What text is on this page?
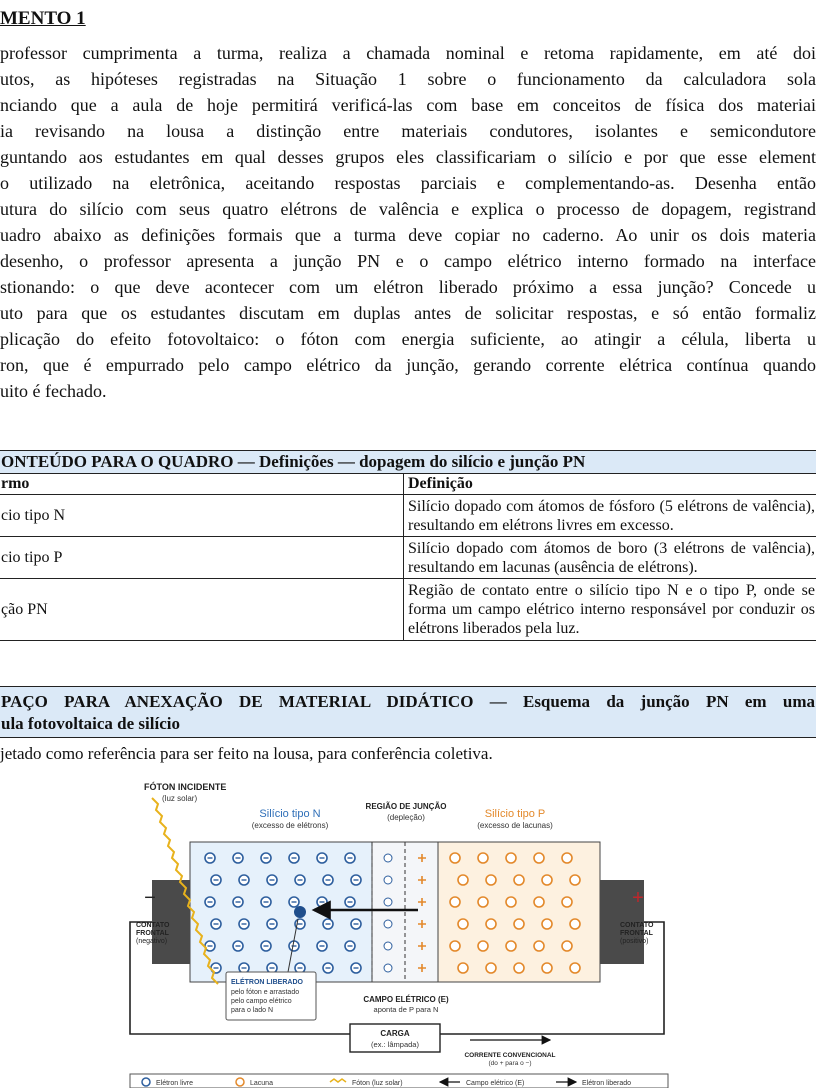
MENTO 1
professor cumprimenta a turma, realiza a chamada nominal e retoma rapidamente, em até doi
utos, as hipóteses registradas na Situação 1 sobre o funcionamento da calculadora sola
nciando que a aula de hoje permitirá verificá-las com base em conceitos de física dos materiai
ia revisando na lousa a distinção entre materiais condutores, isolantes e semicondutore
guntando aos estudantes em qual desses grupos eles classificariam o silício e por que esse element
o utilizado na eletrônica, aceitando respostas parciais e complementando-as. Desenha então
utura do silício com seus quatro elétrons de valência e explica o processo de dopagem, registrand
uadro abaixo as definições formais que a turma deve copiar no caderno. Ao unir os dois materia
desenho, o professor apresenta a junção PN e o campo elétrico interno formado na interface
stionando: o que deve acontecer com um elétron liberado próximo a essa junção? Concede u
uto para que os estudantes discutam em duplas antes de solicitar respostas, e só então formaliz
plicação do efeito fotovoltaico: o fóton com energia suficiente, ao atingir a célula, liberta u
ron, que é empurrado pelo campo elétrico da junção, gerando corrente elétrica contínua quando
uito é fechado.
ONTEÚDO PARA O QUADRO — Definições — dopagem do silício e junção PN	
rmo	Definição
cio tipo N	Silício dopado com átomos de fósforo (5 elétrons de valência), resultando em elétrons livres em excesso.
cio tipo P	Silício dopado com átomos de boro (3 elétrons de valência), resultando em lacunas (ausência de elétrons).
ção PN	Região de contato entre o silício tipo N e o tipo P, onde se forma um campo elétrico interno responsável por conduzir os elétrons liberados pela luz.
PAÇO PARA ANEXAÇÃO DE MATERIAL DIDÁTICO — Esquema da junção PN em uma
ula fotovoltaica de silício
jetado como referência para ser feito na lousa, para conferência coletiva.
FÓTON INCIDENTE
(luz solar)
Silício tipo N
(excesso de elétrons)
REGIÃO DE JUNÇÃO
(depleção)	Silício tipo P
(excesso de lacunas)
−	+
CONTATO
FRONTAL
(negativo)
CONTATO
FRONTAL
(positivo)
ELÉTRON LIBERADO
pelo fóton e arrastado
pelo campo elétrico
para o lado N
CAMPO ELÉTRICO (E)
aponta de P para N
CARGA
(ex.: lâmpada)
CORRENTE CONVENCIONAL
(do + para o −)
Elétron livre	Lacuna	Fóton (luz solar)	Campo elétrico (E)	Elétron liberado
